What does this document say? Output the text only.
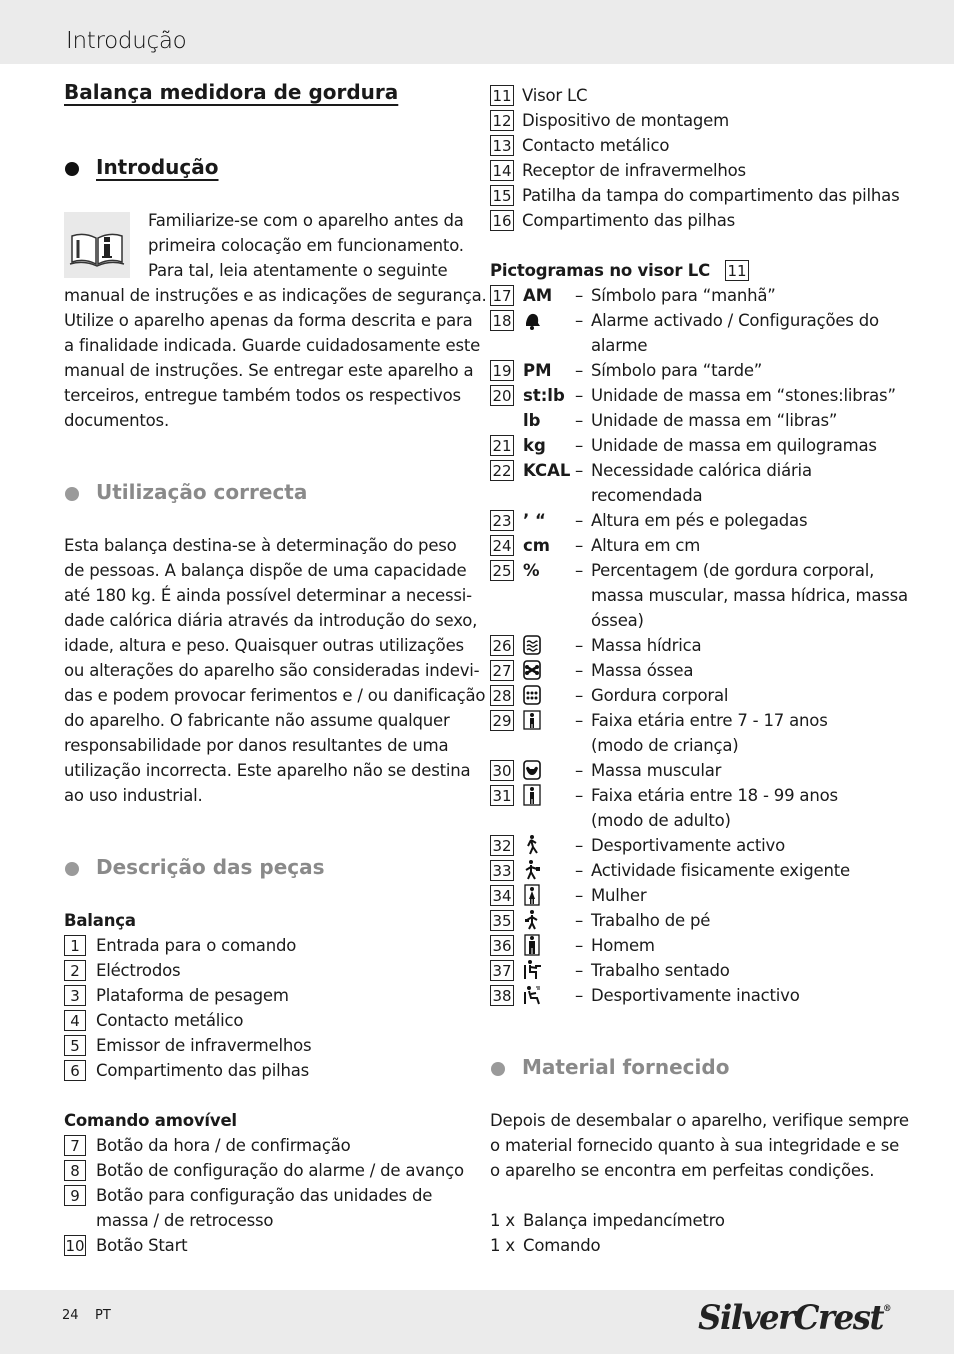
Introdução
Balança medidora de gordura
Introdução
Utilização correcta
Descrição das peças
Balança
Comando amovível
Pictogramas no visor LC 11
Material fornecido
24 PT	SilverCrest®
Familiarize-se com o aparelho antes da
primeira colocação em funcionamento.
Para tal, leia atentamente o seguinte
manual de instruções e as indicações de segurança.
Utilize o aparelho apenas da forma descrita e para
a finalidade indicada. Guarde cuidadosamente este
manual de instruções. Se entregar este aparelho a
terceiros, entregue também todos os respectivos
documentos.
Esta balança destina-se à determinação do peso
de pessoas. A balança dispõe de uma capacidade
até 180 kg. É ainda possível determinar a necessi-
dade calórica diária através da introdução do sexo,
idade, altura e peso. Quaisquer outras utilizações
ou alterações do aparelho são consideradas indevi-
das e podem provocar ferimentos e / ou danificação
do aparelho. O fabricante não assume qualquer
responsabilidade por danos resultantes de uma
utilização incorrecta. Este aparelho não se destina
ao uso industrial.
1 Entrada para o comando
2 Eléctrodos
3 Plataforma de pesagem
4 Contacto metálico
5 Emissor de infravermelhos
6 Compartimento das pilhas
7 Botão da hora / de confirmação
8 Botão de configuração do alarme / de avanço
9 Botão para configuração das unidades de
massa / de retrocesso
10 Botão Start
11 Visor LC
12 Dispositivo de montagem
13 Contacto metálico
14 Receptor de infravermelhos
15 Patilha da tampa do compartimento das pilhas
16 Compartimento das pilhas
17 AM – Símbolo para “manhã”
18	– Alarme activado / Configurações do
alarme
19 PM – Símbolo para “tarde”
20 st:lb – Unidade de massa em “stones:libras”
lb – Unidade de massa em “libras”
21 kg – Unidade de massa em quilogramas
22 KCAL – Necessidade calórica diária
recomendada
23 ’ “ – Altura em pés e polegadas
24 cm – Altura em cm
25 % – Percentagem (de gordura corporal,
massa muscular, massa hídrica, massa
óssea)
26	– Massa hídrica
27	– Massa óssea
28	– Gordura corporal
29	– Faixa etária entre 7 - 17 anos
(modo de criança)
30	– Massa muscular
31	– Faixa etária entre 18 - 99 anos
(modo de adulto)
32	– Desportivamente activo
33	– Actividade fisicamente exigente
34	– Mulher
35	– Trabalho de pé
36	– Homem
37	– Trabalho sentado
38	– Desportivamente inactivo
Depois de desembalar o aparelho, verifique sempre
o material fornecido quanto à sua integridade e se
o aparelho se encontra em perfeitas condições.
1 x Balança impedancímetro
1 x Comando
